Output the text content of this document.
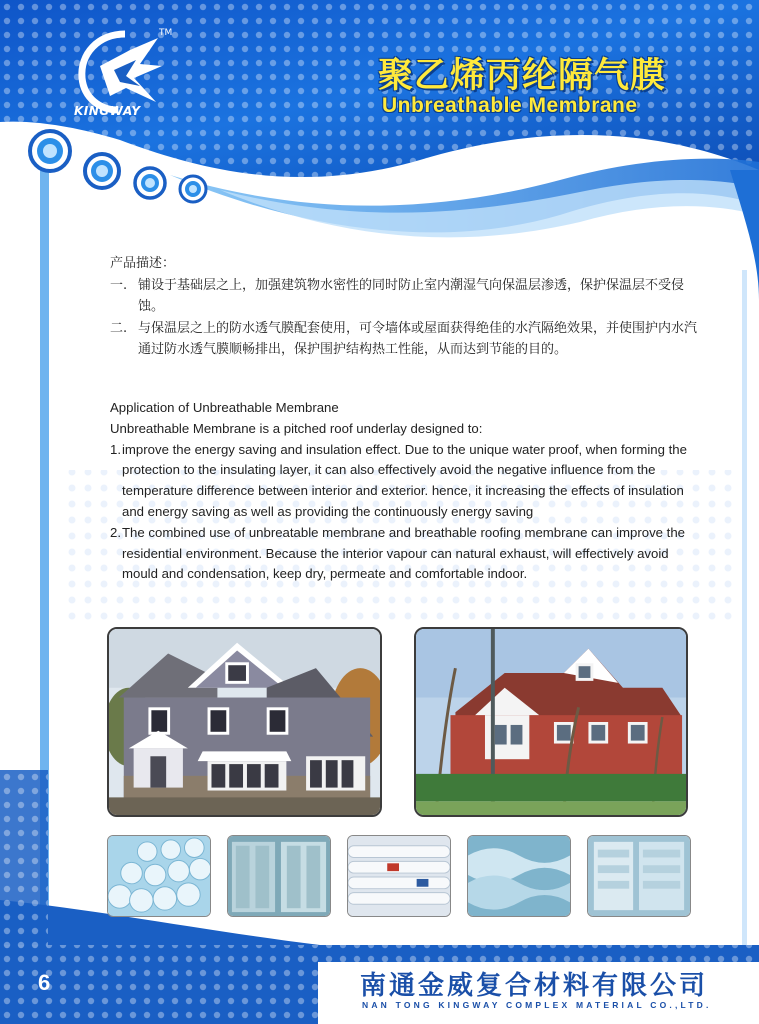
TM
KINGWAY
聚乙烯丙纶隔气膜
Unbreathable Membrane
产品描述：
一. 铺设于基础层之上，加强建筑物水密性的同时防止室内潮湿气向保温层渗透，保护保温层不受侵蚀。
二. 与保温层之上的防水透气膜配套使用，可令墙体或屋面获得绝佳的水汽隔绝效果，并使围护内水汽通过防水透气膜顺畅排出，保护围护结构热工性能，从而达到节能的目的。
Application of Unbreathable Membrane
Unbreathable Membrane is a pitched roof underlay designed to:
1. improve the energy saving and insulation effect. Due to the unique water proof, when forming the protection to the insulating layer, it can also effectively avoid the negative influence from the temperature difference between interior and exterior. hence, it increasing the effects of insulation and energy saving as well as providing the continuously energy saving
2. The combined use of unbreatable membrane and breathable roofing membrane can improve the residential environment. Because the interior vapour can natural exhaust, will effectively avoid mould and condensation, keep dry, permeate and comfortable indoor.
6	南通金威复合材料有限公司
NAN TONG KINGWAY COMPLEX MATERIAL CO.,LTD.
